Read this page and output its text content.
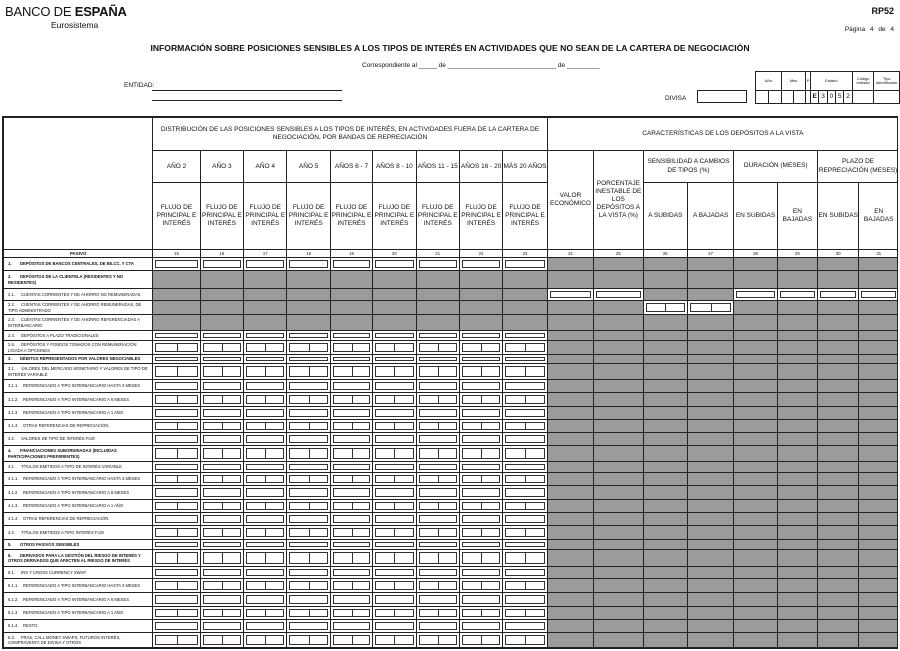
BANCO DE ESPAÑA
Eurosistema
RP52
Página 4 de 4
INFORMACIÓN SOBRE POSICIONES SENSIBLES A LOS TIPOS DE INTERÉS EN ACTIVIDADES QUE NO SEAN DE LA CARTERA DE NEGOCIACIÓN
Correspondiente al _____ de ______________________________ de _________
ENTIDAD:
DIVISA
Año		Mes		P	Estado					Código entidad	Tipo identificador
					E	3	0	5	2		
	DISTRIBUCIÓN DE LAS POSICIONES SENSIBLES A LOS TIPOS DE INTERÉS, EN ACTIVIDADES FUERA DE LA CARTERA DE NEGOCIACIÓN, POR BANDAS DE REPRECIACIÓN									CARACTERÍSTICAS DE LOS DEPÓSITOS A LA VISTA							
	AÑO 2	AÑO 3	AÑO 4	AÑO 5	AÑOS 6 - 7	AÑOS 8 - 10	AÑOS 11 - 15	AÑOS 16 - 20	MÁS 20 AÑOS	VALOR ECONÓMICO	PORCENTAJE INESTABLE DE LOS DEPÓSITOS A LA VISTA (%)	SENSIBILIDAD A CAMBIOS DE TIPOS (%)		DURACIÓN (MESES)		PLAZO DE REPRECIACIÓN (MESES)	
	FLUJO DE PRINCIPAL E INTERÉS	FLUJO DE PRINCIPAL E INTERÉS	FLUJO DE PRINCIPAL E INTERÉS	FLUJO DE PRINCIPAL E INTERÉS	FLUJO DE PRINCIPAL E INTERÉS	FLUJO DE PRINCIPAL E INTERÉS	FLUJO DE PRINCIPAL E INTERÉS	FLUJO DE PRINCIPAL E INTERÉS	FLUJO DE PRINCIPAL E INTERÉS			A SUBIDAS	A BAJADAS	EN SUBIDAS	EN BAJADAS	EN SUBIDAS	EN BAJADAS
PASIVO	15	16	17	18	19	20	21	22	23	24	25	26	27	28	29	30	31
1. DEPÓSITOS DE BANCOS CENTRALES, DE EE.CC. Y CTA	

2. DEPÓSITOS DE LA CLIENTELA (RESIDENTES Y NO RESIDENTES)																	
2.1. CUENTAS CORRIENTES Y DE AHORRO NO REMUNERADAS										

2.2. CUENTAS CORRIENTES Y DE AHORRO REMUNERADAS, DE TIPO ADMINISTRADO												

2.3. CUENTAS CORRIENTES Y DE AHORRO REFERENCIADAS A INTERBANCARIO																	
2.4. DEPÓSITOS A PLAZO TRADICIONALES	

2.5. DEPÓSITOS Y FONDOS TOMADOS CON REMUNERACIÓN LIGADA A OPCIONES	

3. DÉBITOS REPRESENTADOS POR VALORES NEGOCIABLES	

3.1. VALORES DEL MERCADO MONETARIO Y VALORES DE TIPO DE INTERÉS VARIABLE	

3.1.1. REFERENCIADO A TIPO INTERBANCARIO HASTA 3 MESES	

3.1.2. REFERENCIADO A TIPO INTERBANCARIO A 6 MESES	

3.1.3. REFERENCIADO A TIPO INTERBANCARIO A 1 AÑO	

3.1.4. OTRAS REFERENCIAS DE REPRECIACIÓN	

3.2. VALORES DE TIPO DE INTERÉS FIJO	

4. FINANCIACIONES SUBORDINADAS (INCLUIDAS PARTICIPACIONES PREFERENTES)	

4.1. TÍTULOS EMITIDOS A TIPO DE INTERÉS VARIABLE	

4.1.1. REFERENCIADO A TIPO INTERBANCARIO HASTA 3 MESES	

4.1.2. REFERENCIADO A TIPO INTERBANCARIO A 6 MESES	

4.1.3. REFERENCIADO A TIPO INTERBANCARIO A 1 AÑO	

4.1.4. OTRAS REFERENCIAS DE REPRECIACIÓN	

4.2. TÍTULOS EMITIDOS A TIPO INTERÉS FIJO	

5. OTROS PASIVOS SENSIBLES	

6. DERIVADOS PARA LA GESTIÓN DEL RIESGO DE INTERÉS Y OTROS DERIVADOS QUE AFECTEN AL RIESGO DE INTERÉS	

6.1. IRS Y CROSS CURRENCY SWAP	

6.1.1. REFERENCIADO A TIPO INTERBANCARIO HASTA 3 MESES	

6.1.2. REFERENCIADO A TIPO INTERBANCARIO A 6 MESES	

6.1.3. REFERENCIADO A TIPO INTERBANCARIO A 1 AÑO	

6.1.4. RESTO	

6.2. FRAS, CALL MONEY SWAPS, FUTUROS INTERÉS, COMPRAVENTA DE DIVISA Y OTROS	
